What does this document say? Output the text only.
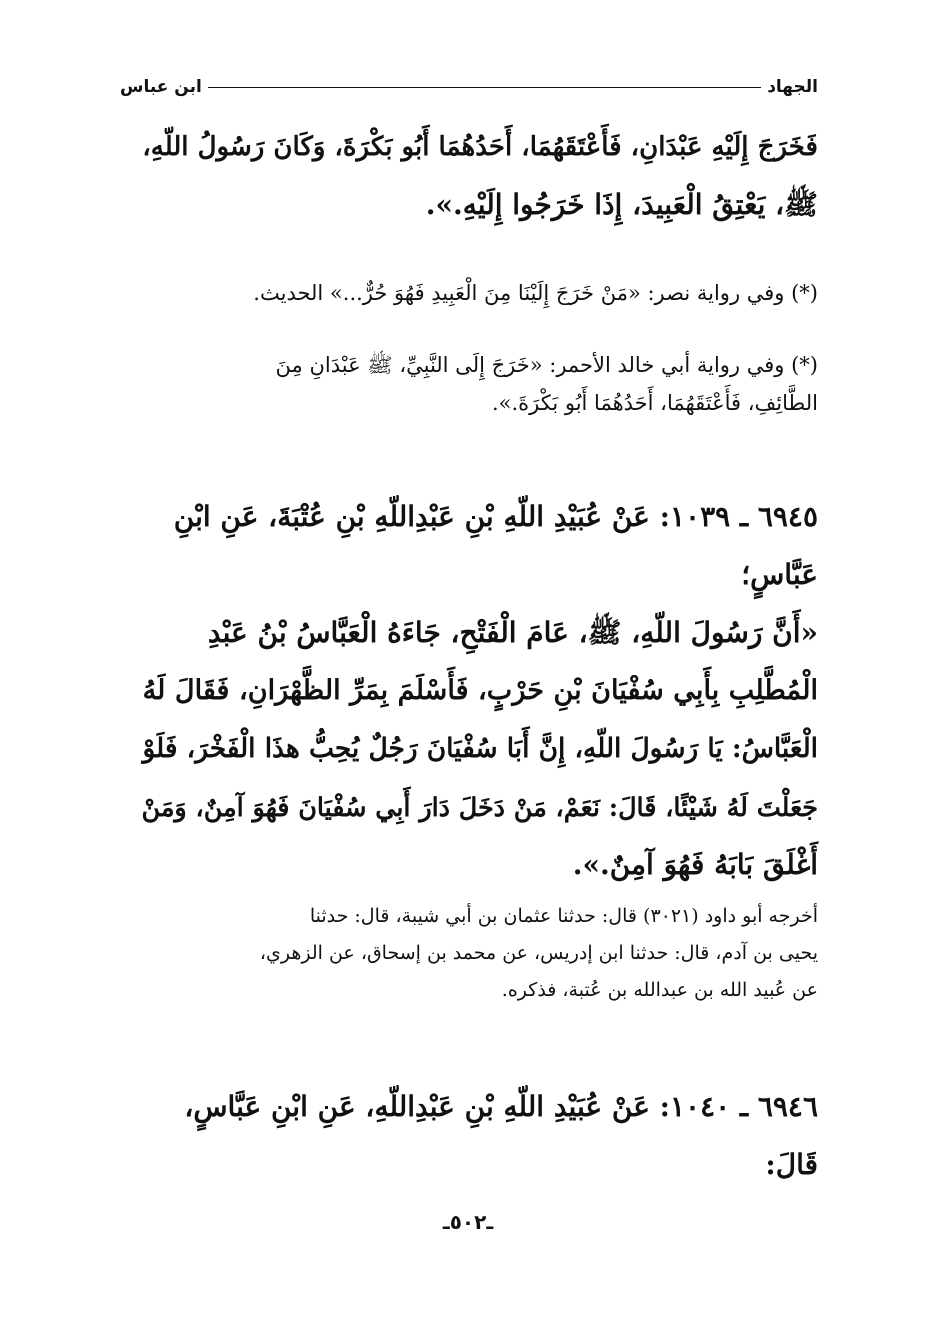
الجهاد
ابن عباس
فَخَرَجَ إِلَيْهِ عَبْدَانِ، فَأَعْتَقَهُمَا، أَحَدُهُمَا أَبُو بَكْرَةَ، وَكَانَ رَسُولُ اللّهِ،
ﷺ، يَعْتِقُ الْعَبِيدَ، إِذَا خَرَجُوا إِلَيْهِ.».
(*) وفي رواية نصر: «مَنْ خَرَجَ إِلَيْنَا مِنَ الْعَبِيدِ فَهُوَ حُرٌّ...» الحديث.
(*) وفي رواية أبي خالد الأحمر: «خَرَجَ إِلَى النَّبِيِّ، ﷺ عَبْدَانِ مِنَ
الطَّائِفِ، فَأَعْتَقَهُمَا، أَحَدُهُمَا أَبُو بَكْرَةَ.».
٦٩٤٥ ـ ١٠٣٩: عَنْ عُبَيْدِ اللّهِ بْنِ عَبْدِاللّهِ بْنِ عُتْبَةَ، عَنِ ابْنِ
عَبَّاسٍ؛
«أَنَّ رَسُولَ اللّهِ، ﷺ، عَامَ الْفَتْحِ، جَاءَهُ الْعَبَّاسُ بْنُ عَبْدِ
الْمُطَّلِبِ بِأَبِي سُفْيَانَ بْنِ حَرْبٍ، فَأَسْلَمَ بِمَرِّ الظَّهْرَانِ، فَقَالَ لَهُ
الْعَبَّاسُ: يَا رَسُولَ اللّهِ، إِنَّ أَبَا سُفْيَانَ رَجُلٌ يُحِبُّ هذَا الْفَخْرَ، فَلَوْ
جَعَلْتَ لَهُ شَيْئًا، قَالَ: نَعَمْ، مَنْ دَخَلَ دَارَ أَبِي سُفْيَانَ فَهُوَ آمِنٌ، وَمَنْ
أَغْلَقَ بَابَهُ فَهُوَ آمِنٌ.».
أخرجه أبو داود (٣٠٢١) قال: حدثنا عثمان بن أبي شيبة، قال: حدثنا
يحيى بن آدم، قال: حدثنا ابن إدريس، عن محمد بن إسحاق، عن الزهري،
عن عُبيد الله بن عبدالله بن عُتبة، فذكره.
٦٩٤٦ ـ ١٠٤٠: عَنْ عُبَيْدِ اللّهِ بْنِ عَبْدِاللّهِ، عَنِ ابْنِ عَبَّاسٍ،
قَالَ:
ـ٥٠٢ـ
